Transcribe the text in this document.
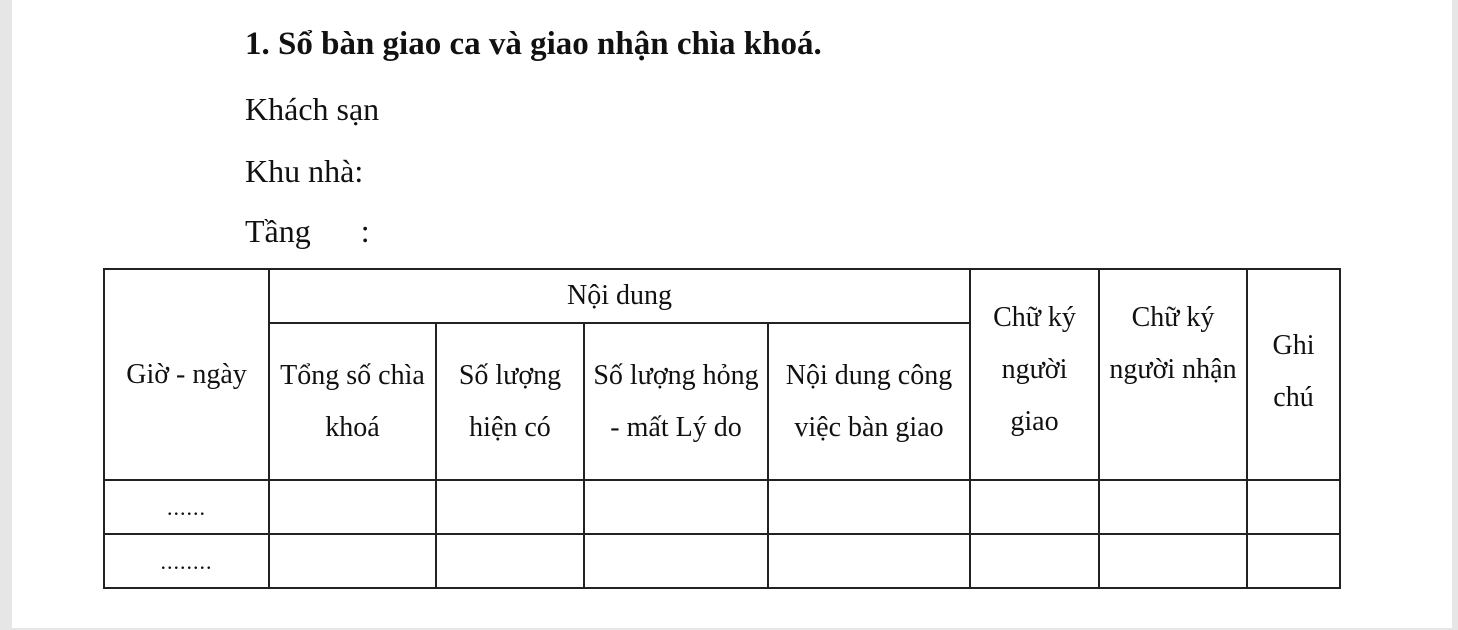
1. Sổ bàn giao ca và giao nhận chìa khoá.
Khách sạn
Khu nhà:
Tầng :
Giờ - ngày	Nội dung				Chữ ký người giao	Chữ ký người nhận	Ghi chú

	Tổng số chìa khoá	Số lượng hiện có	Số lượng hỏng - mất Lý do	Nội dung công việc bàn giao			

......							
........							
